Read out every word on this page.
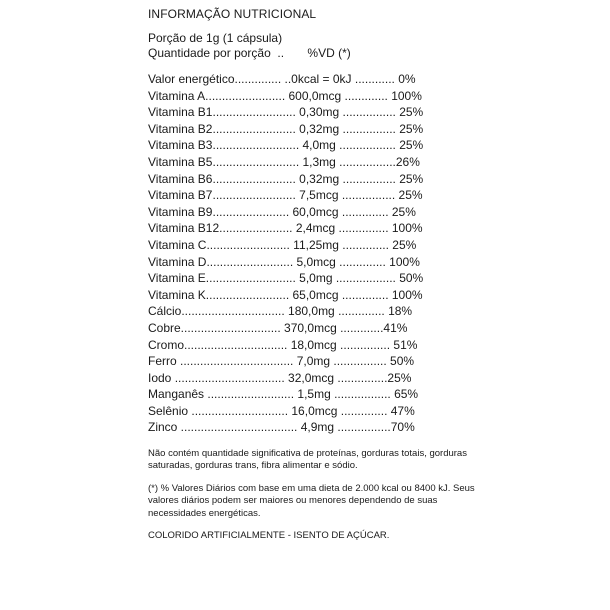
INFORMAÇÃO NUTRICIONAL
Porção de 1g (1 cápsula)
Quantidade por porção  ..       %VD (*)
Valor energético.............. ..0kcal = 0kJ ............ 0%
Vitamina A........................ 600,0mcg ............. 100%
Vitamina B1......................... 0,30mg ................ 25%
Vitamina B2......................... 0,32mg ................ 25%
Vitamina B3.......................... 4,0mg ................. 25%
Vitamina B5.......................... 1,3mg .................26%
Vitamina B6......................... 0,32mg ................ 25%
Vitamina B7......................... 7,5mcg ................ 25%
Vitamina B9....................... 60,0mcg .............. 25%
Vitamina B12...................... 2,4mcg ............... 100%
Vitamina C......................... 11,25mg .............. 25%
Vitamina D.......................... 5,0mcg .............. 100%
Vitamina E........................... 5,0mg .................. 50%
Vitamina K......................... 65,0mcg .............. 100%
Cálcio............................... 180,0mg .............. 18%
Cobre.............................. 370,0mcg .............41%
Cromo............................... 18,0mcg ............... 51%
Ferro .................................. 7,0mg ................ 50%
Iodo ................................. 32,0mcg ...............25%
Manganês .......................... 1,5mg ................. 65%
Selênio ............................. 16,0mcg .............. 47%
Zinco ................................... 4,9mg ................70%

Não contém quantidade significativa de proteínas, gorduras totais, gorduras saturadas, gorduras trans, fibra alimentar e sódio.

(*) % Valores Diários com base em uma dieta de 2.000 kcal ou 8400 kJ. Seus valores diários podem ser maiores ou menores dependendo de suas necessidades energéticas.

COLORIDO ARTIFICIALMENTE - ISENTO DE AÇÚCAR.
